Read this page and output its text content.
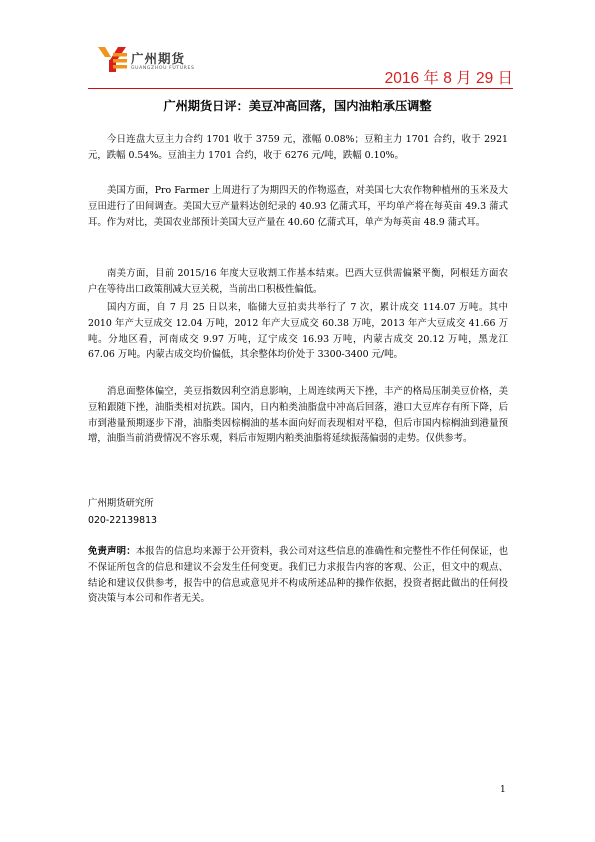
广州期货
GUANGZHOU FUTURES
2016 年 8 月 29 日
广州期货日评：美豆冲高回落，国内油粕承压调整

今日连盘大豆主力合约 1701 收于 3759 元，涨幅 0.08%；豆粕主力 1701 合约，收于 2921 元，跌幅 0.54%。豆油主力 1701 合约，收于 6276 元/吨，跌幅 0.10%。

美国方面，Pro Farmer 上周进行了为期四天的作物巡查，对美国七大农作物种植州的玉米及大豆田进行了田间调查。美国大豆产量料达创纪录的 40.93 亿蒲式耳，平均单产将在每英亩 49.3 蒲式耳。作为对比，美国农业部预计美国大豆产量在 40.60 亿蒲式耳，单产为每英亩 48.9 蒲式耳。

南美方面，目前 2015/16 年度大豆收割工作基本结束。巴西大豆供需偏紧平衡，阿根廷方面农户在等待出口政策削减大豆关税，当前出口积极性偏低。

国内方面，自 7 月 25 日以来，临储大豆拍卖共举行了 7 次，累计成交 114.07 万吨。其中 2010 年产大豆成交 12.04 万吨，2012 年产大豆成交 60.38 万吨，2013 年产大豆成交 41.66 万吨。分地区看，河南成交 9.97 万吨，辽宁成交 16.93 万吨，内蒙古成交 20.12 万吨，黑龙江 67.06 万吨。内蒙古成交均价偏低，其余整体均价处于 3300-3400 元/吨。

消息面整体偏空，美豆指数因利空消息影响，上周连续两天下挫，丰产的格局压制美豆价格，美豆粕跟随下挫，油脂类相对抗跌。国内，日内粕类油脂盘中冲高后回落，港口大豆库存有所下降，后市到港量预期逐步下滑，油脂类因棕榈油的基本面向好而表现相对平稳，但后市国内棕榈油到港量预增，油脂当前消费情况不容乐观，料后市短期内粕类油脂将延续振荡偏弱的走势。仅供参考。

广州期货研究所
020-22139813

免责声明：本报告的信息均来源于公开资料，我公司对这些信息的准确性和完整性不作任何保证，也不保证所包含的信息和建议不会发生任何变更。我们已力求报告内容的客观、公正，但文中的观点、结论和建议仅供参考，报告中的信息或意见并不构成所述品种的操作依据，投资者据此做出的任何投资决策与本公司和作者无关。

1
